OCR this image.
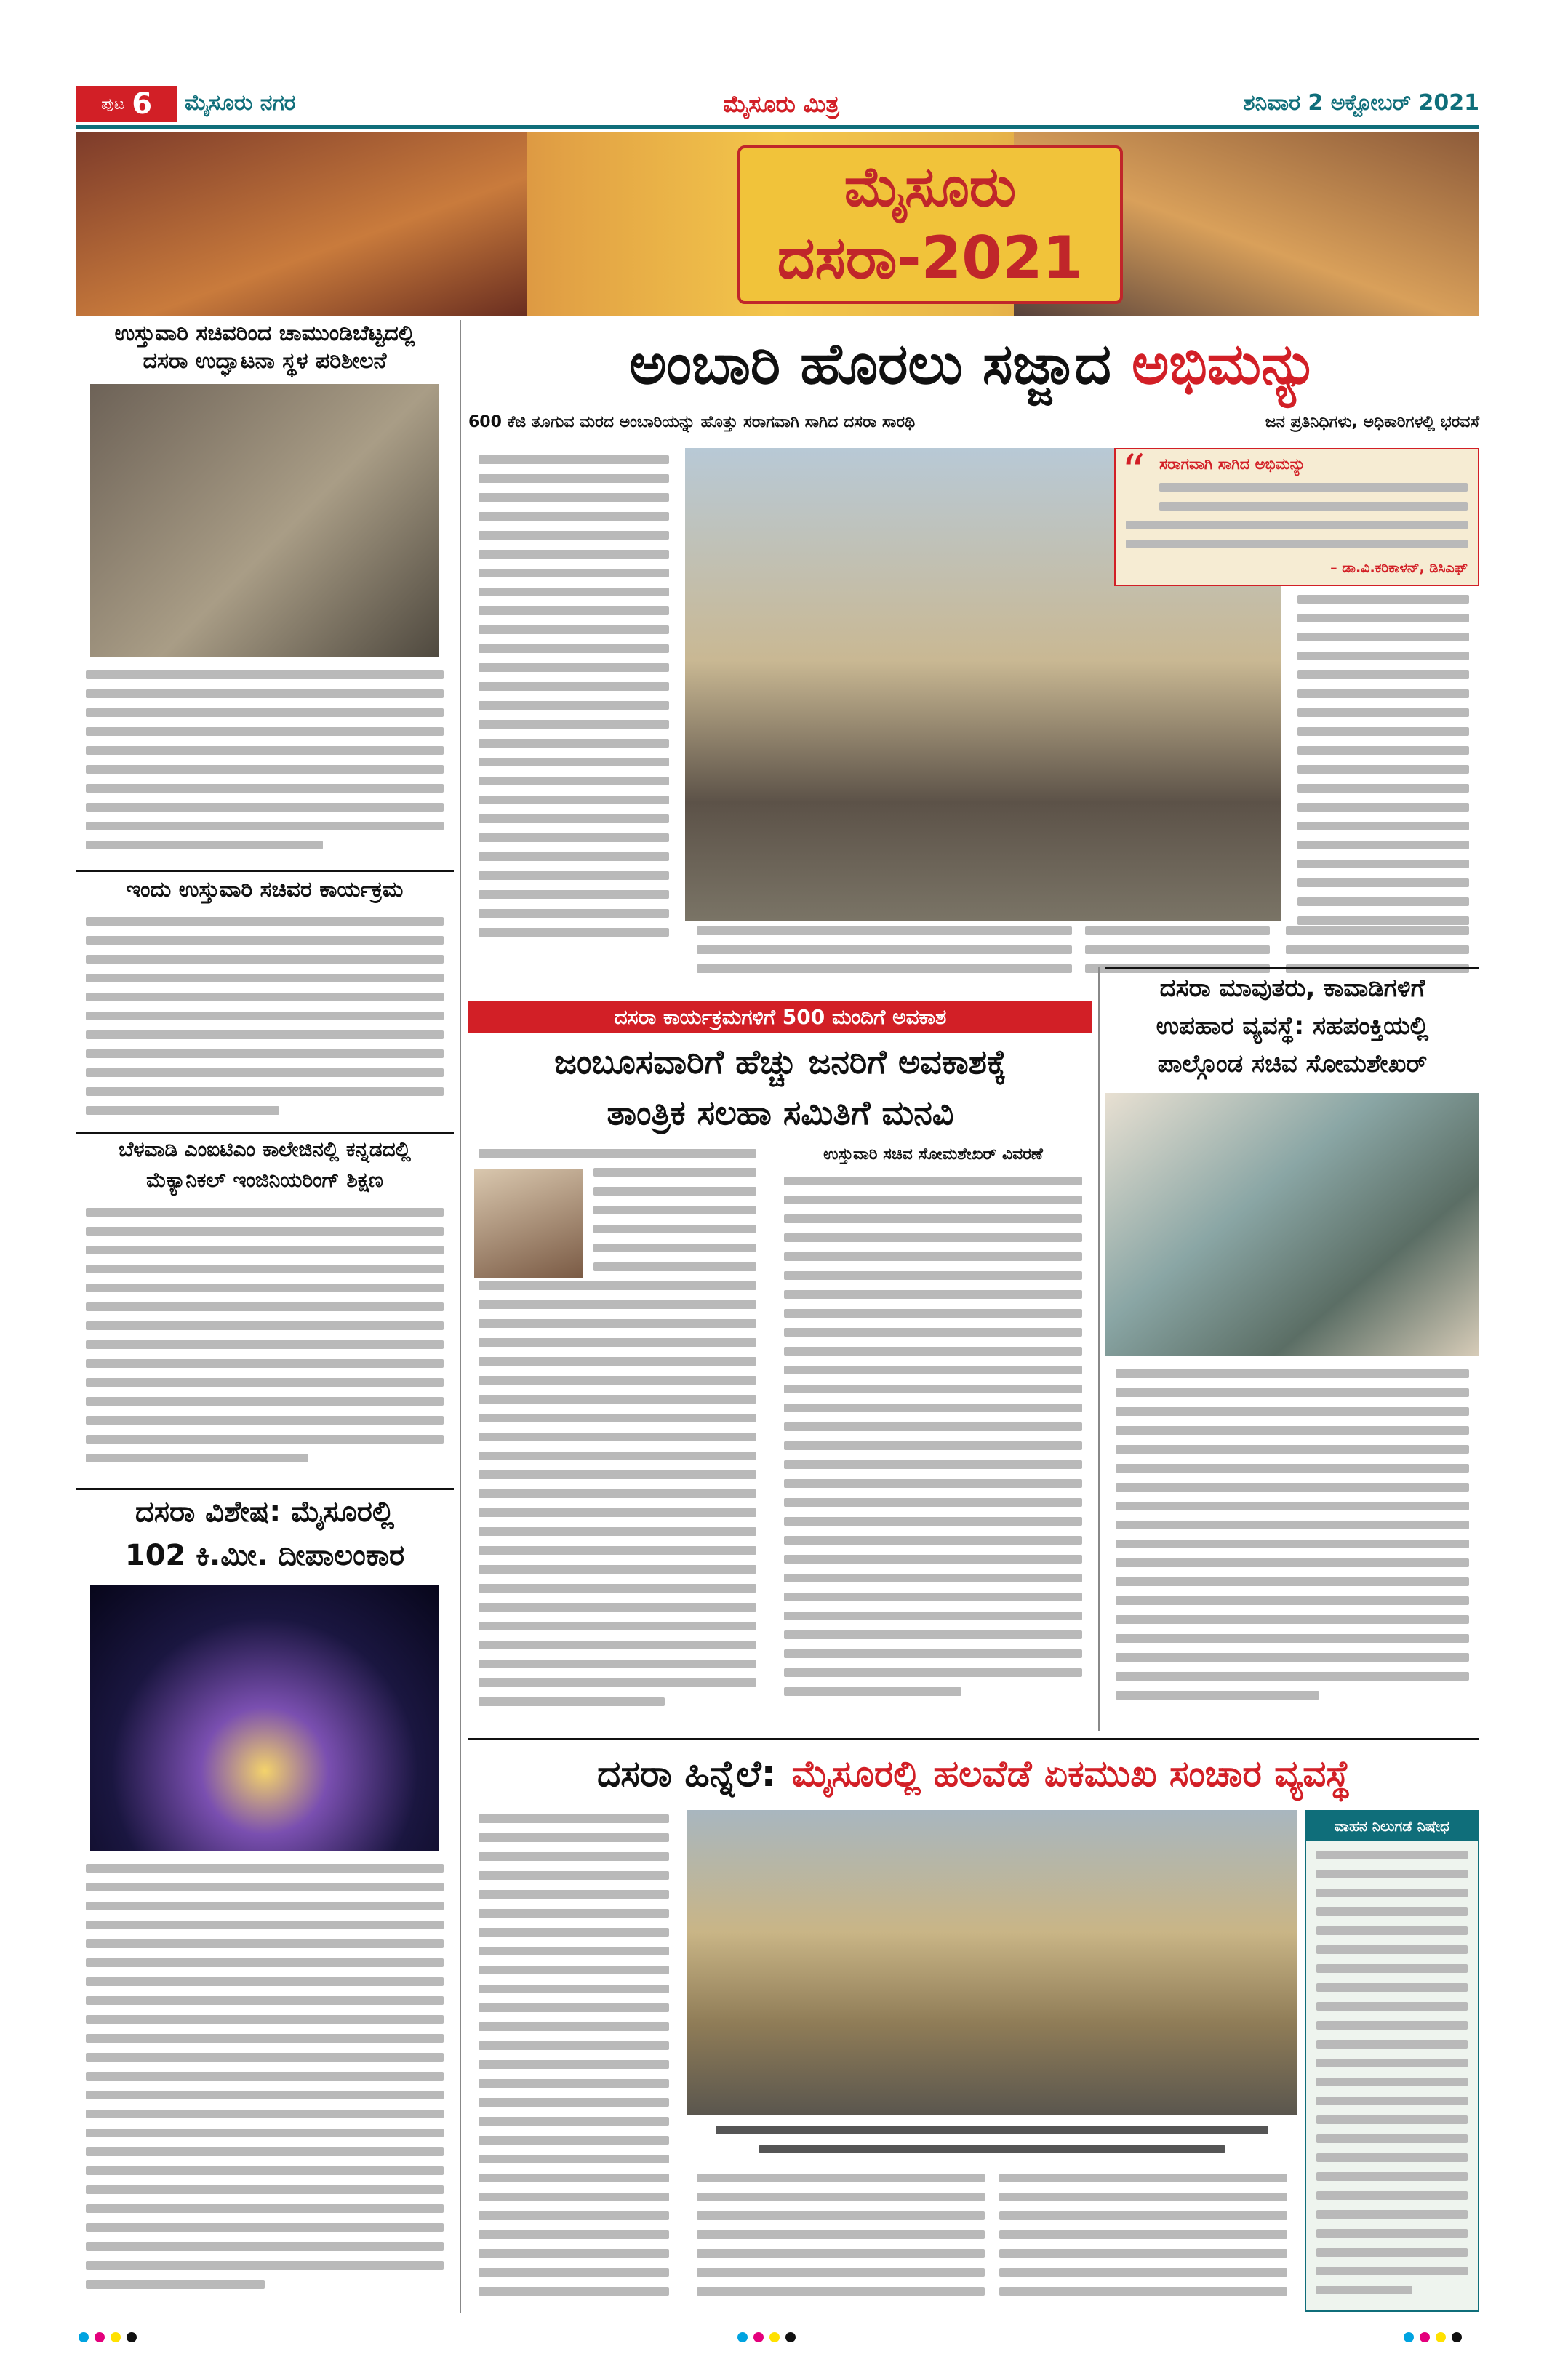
ಪುಟ 6 ಮೈಸೂರು ನಗರ	ಮೈಸೂರು ಮಿತ್ರ	ಶನಿವಾರ 2 ಅಕ್ಟೋಬರ್ 2021
ಮೈಸೂರು
ದಸರಾ-2021
ಉಸ್ತುವಾರಿ ಸಚಿವರಿಂದ ಚಾಮುಂಡಿಬೆಟ್ಟದಲ್ಲಿ
ದಸರಾ ಉದ್ಘಾಟನಾ ಸ್ಥಳ ಪರಿಶೀಲನೆ
ಇಂದು ಉಸ್ತುವಾರಿ ಸಚಿವರ ಕಾರ್ಯಕ್ರಮ
ಬೆಳವಾಡಿ ಎಂಐಟಿಎಂ ಕಾಲೇಜಿನಲ್ಲಿ ಕನ್ನಡದಲ್ಲಿ
ಮೆಕ್ಯಾನಿಕಲ್ ಇಂಜಿನಿಯರಿಂಗ್ ಶಿಕ್ಷಣ
ದಸರಾ ವಿಶೇಷ: ಮೈಸೂರಲ್ಲಿ
102 ಕಿ.ಮೀ. ದೀಪಾಲಂಕಾರ
ಅಂಬಾರಿ ಹೊರಲು ಸಜ್ಜಾದ ಅಭಿಮನ್ಯು
600 ಕೆಜಿ ತೂಗುವ ಮರದ ಅಂಬಾರಿಯನ್ನು ಹೊತ್ತು ಸರಾಗವಾಗಿ ಸಾಗಿದ ದಸರಾ ಸಾರಥಿ	ಜನ ಪ್ರತಿನಿಧಿಗಳು, ಅಧಿಕಾರಿಗಳಲ್ಲಿ ಭರವಸೆ
“ ಸರಾಗವಾಗಿ ಸಾಗಿದ ಅಭಿಮನ್ಯು
– ಡಾ.ವಿ.ಕರಿಕಾಳನ್, ಡಿಸಿಎಫ್
ದಸರಾ ಮಾವುತರು, ಕಾವಾಡಿಗಳಿಗೆ
ಉಪಹಾರ ವ್ಯವಸ್ಥೆ: ಸಹಪಂಕ್ತಿಯಲ್ಲಿ
ಪಾಲ್ಗೊಂಡ ಸಚಿವ ಸೋಮಶೇಖರ್
ದಸರಾ ಕಾರ್ಯಕ್ರಮಗಳಿಗೆ 500 ಮಂದಿಗೆ ಅವಕಾಶ
ಜಂಬೂಸವಾರಿಗೆ ಹೆಚ್ಚು ಜನರಿಗೆ ಅವಕಾಶಕ್ಕೆ
ತಾಂತ್ರಿಕ ಸಲಹಾ ಸಮಿತಿಗೆ ಮನವಿ
ಉಸ್ತುವಾರಿ ಸಚಿವ ಸೋಮಶೇಖರ್ ವಿವರಣೆ
ದಸರಾ ಹಿನ್ನೆಲೆ: ಮೈಸೂರಲ್ಲಿ ಹಲವೆಡೆ ಏಕಮುಖ ಸಂಚಾರ ವ್ಯವಸ್ಥೆ
ವಾಹನ ನಿಲುಗಡೆ ನಿಷೇಧ
